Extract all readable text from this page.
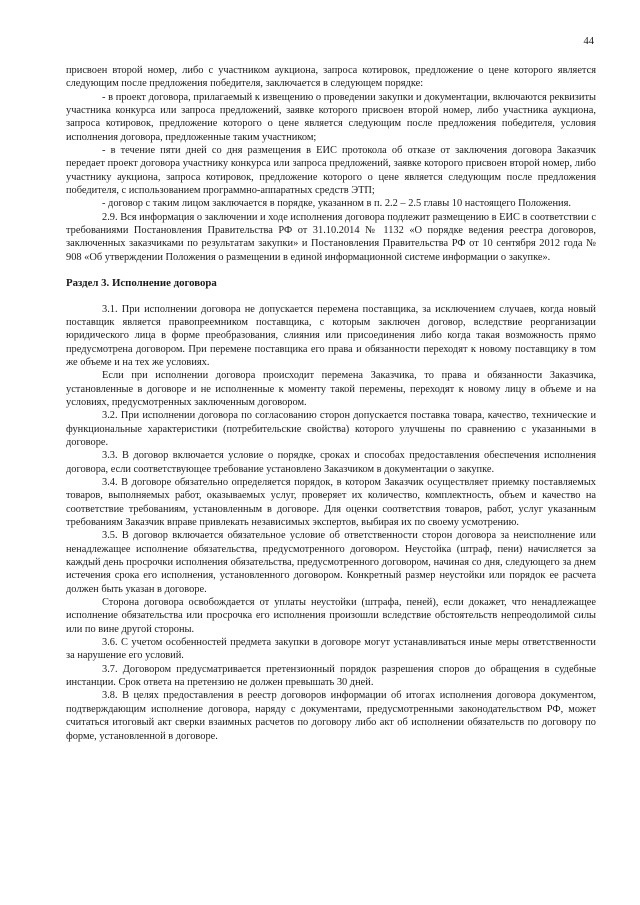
44

присвоен второй номер, либо с участником аукциона, запроса котировок, предложение о цене которого является следующим после предложения победителя, заключается в следующем порядке:

- в проект договора, прилагаемый к извещению о проведении закупки и документации, включаются реквизиты участника конкурса или запроса предложений, заявке которого присвоен второй номер, либо участника аукциона, запроса котировок, предложение которого о цене является следующим после предложения победителя, условия исполнения договора, предложенные таким участником;

- в течение пяти дней со дня размещения в ЕИС протокола об отказе от заключения договора Заказчик передает проект договора участнику конкурса или запроса предложений, заявке которого присвоен второй номер, либо участнику аукциона, запроса котировок, предложение которого о цене является следующим после предложения победителя, с использованием программно-аппаратных средств ЭТП;

- договор с таким лицом заключается в порядке, указанном в п. 2.2 – 2.5 главы 10 настоящего Положения.

2.9. Вся информация о заключении и ходе исполнения договора подлежит размещению в ЕИС в соответствии с требованиями Постановления Правительства РФ от 31.10.2014 № 1132 «О порядке ведения реестра договоров, заключенных заказчиками по результатам закупки» и Постановления Правительства РФ от 10 сентября 2012 года № 908 «Об утверждении Положения о размещении в единой информационной системе информации о закупке».

Раздел 3. Исполнение договора

3.1. При исполнении договора не допускается перемена поставщика, за исключением случаев, когда новый поставщик является правопреемником поставщика, с которым заключен договор, вследствие реорганизации юридического лица в форме преобразования, слияния или присоединения либо когда такая возможность прямо предусмотрена договором. При перемене поставщика его права и обязанности переходят к новому поставщику в том же объеме и на тех же условиях.

Если при исполнении договора происходит перемена Заказчика, то права и обязанности Заказчика, установленные в договоре и не исполненные к моменту такой перемены, переходят к новому лицу в объеме и на условиях, предусмотренных заключенным договором.

3.2. При исполнении договора по согласованию сторон допускается поставка товара, качество, технические и функциональные характеристики (потребительские свойства) которого улучшены по сравнению с указанными в договоре.

3.3. В договор включается условие о порядке, сроках и способах предоставления обеспечения исполнения договора, если соответствующее требование установлено Заказчиком в документации о закупке.

3.4. В договоре обязательно определяется порядок, в котором Заказчик осуществляет приемку поставляемых товаров, выполняемых работ, оказываемых услуг, проверяет их количество, комплектность, объем и качество на соответствие требованиям, установленным в договоре. Для оценки соответствия товаров, работ, услуг указанным требованиям Заказчик вправе привлекать независимых экспертов, выбирая их по своему усмотрению.

3.5. В договор включается обязательное условие об ответственности сторон договора за неисполнение или ненадлежащее исполнение обязательства, предусмотренного договором. Неустойка (штраф, пени) начисляется за каждый день просрочки исполнения обязательства, предусмотренного договором, начиная со дня, следующего за днем истечения срока его исполнения, установленного договором. Конкретный размер неустойки или порядок ее расчета должен быть указан в договоре.

Сторона договора освобождается от уплаты неустойки (штрафа, пеней), если докажет, что ненадлежащее исполнение обязательства или просрочка его исполнения произошли вследствие обстоятельств непреодолимой силы или по вине другой стороны.

3.6. С учетом особенностей предмета закупки в договоре могут устанавливаться иные меры ответственности за нарушение его условий.

3.7. Договором предусматривается претензионный порядок разрешения споров до обращения в судебные инстанции. Срок ответа на претензию не должен превышать 30 дней.

3.8. В целях предоставления в реестр договоров информации об итогах исполнения договора документом, подтверждающим исполнение договора, наряду с документами, предусмотренными законодательством РФ, может считаться итоговый акт сверки взаимных расчетов по договору либо акт об исполнении обязательств по договору по форме, установленной в договоре.
